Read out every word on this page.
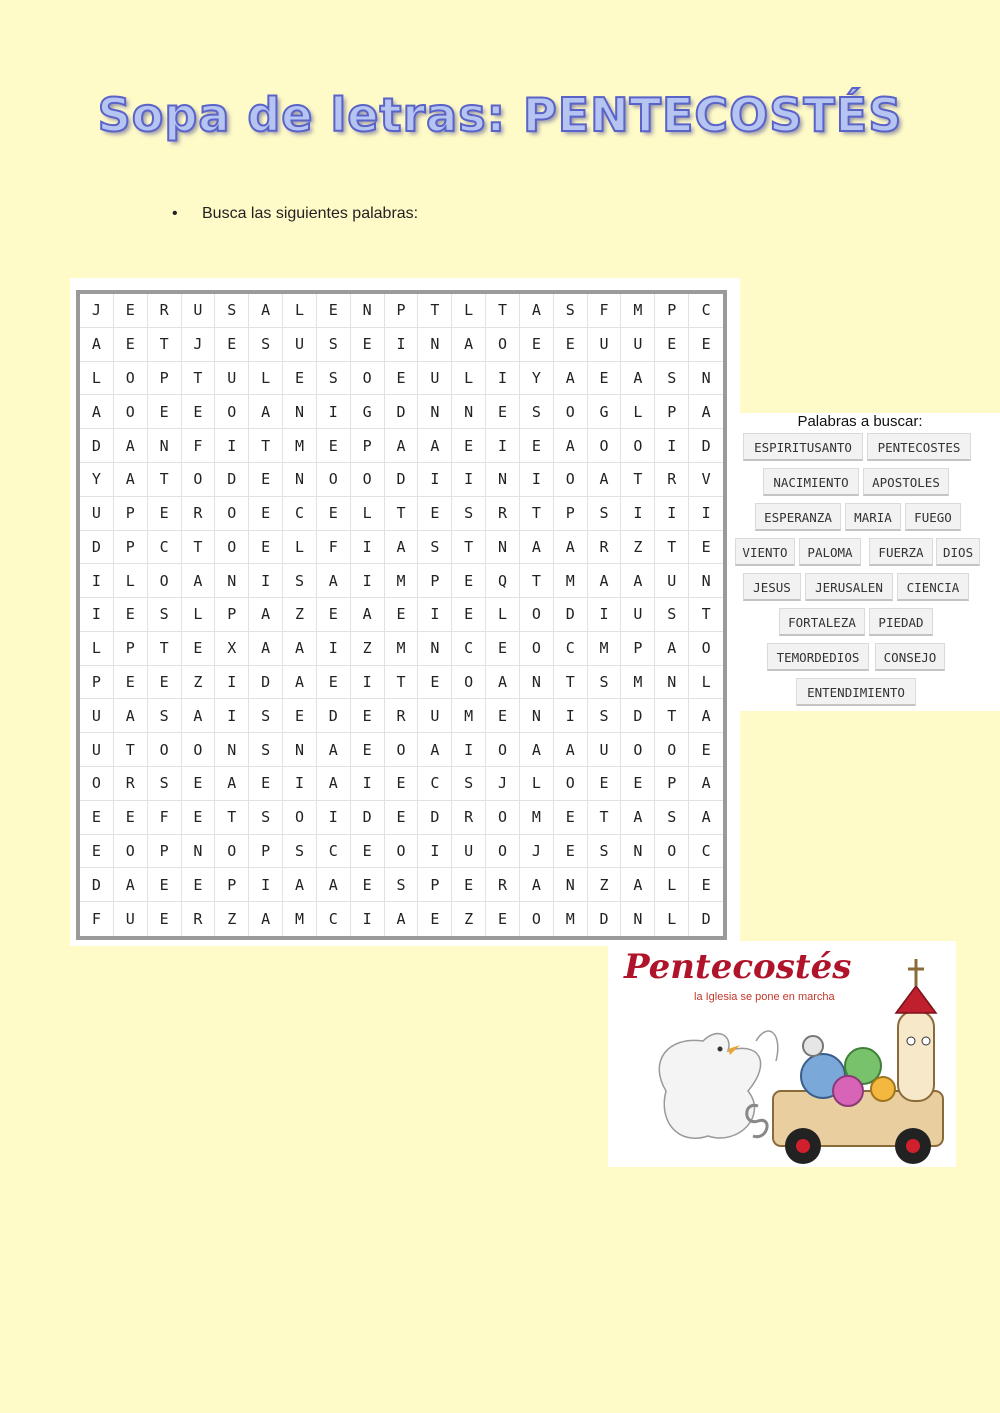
Sopa de letras: PENTECOSTÉS
• Busca las siguientes palabras:
J	E	R	U	S	A	L	E	N	P	T	L	T	A	S	F	M	P	C
A	E	T	J	E	S	U	S	E	I	N	A	O	E	E	U	U	E	E
L	O	P	T	U	L	E	S	O	E	U	L	I	Y	A	E	A	S	N
A	O	E	E	O	A	N	I	G	D	N	N	E	S	O	G	L	P	A
D	A	N	F	I	T	M	E	P	A	A	E	I	E	A	O	O	I	D
Y	A	T	O	D	E	N	O	O	D	I	I	N	I	O	A	T	R	V
U	P	E	R	O	E	C	E	L	T	E	S	R	T	P	S	I	I	I
D	P	C	T	O	E	L	F	I	A	S	T	N	A	A	R	Z	T	E
I	L	O	A	N	I	S	A	I	M	P	E	Q	T	M	A	A	U	N
I	E	S	L	P	A	Z	E	A	E	I	E	L	O	D	I	U	S	T
L	P	T	E	X	A	A	I	Z	M	N	C	E	O	C	M	P	A	O
P	E	E	Z	I	D	A	E	I	T	E	O	A	N	T	S	M	N	L
U	A	S	A	I	S	E	D	E	R	U	M	E	N	I	S	D	T	A
U	T	O	O	N	S	N	A	E	O	A	I	O	A	A	U	O	O	E
O	R	S	E	A	E	I	A	I	E	C	S	J	L	O	E	E	P	A
E	E	F	E	T	S	O	I	D	E	D	R	O	M	E	T	A	S	A
E	O	P	N	O	P	S	C	E	O	I	U	O	J	E	S	N	O	C
D	A	E	E	P	I	A	A	E	S	P	E	R	A	N	Z	A	L	E
F	U	E	R	Z	A	M	C	I	A	E	Z	E	O	M	D	N	L	D
Palabras a buscar:
ESPIRITUSANTO	PENTECOSTES
NACIMIENTO	APOSTOLES
ESPERANZA	MARIA	FUEGO
VIENTO	PALOMA	FUERZA	DIOS
JESUS	JERUSALEN	CIENCIA
FORTALEZA	PIEDAD
TEMORDEDIOS	CONSEJO
ENTENDIMIENTO
Pentecostés
la Iglesia se pone en marcha
